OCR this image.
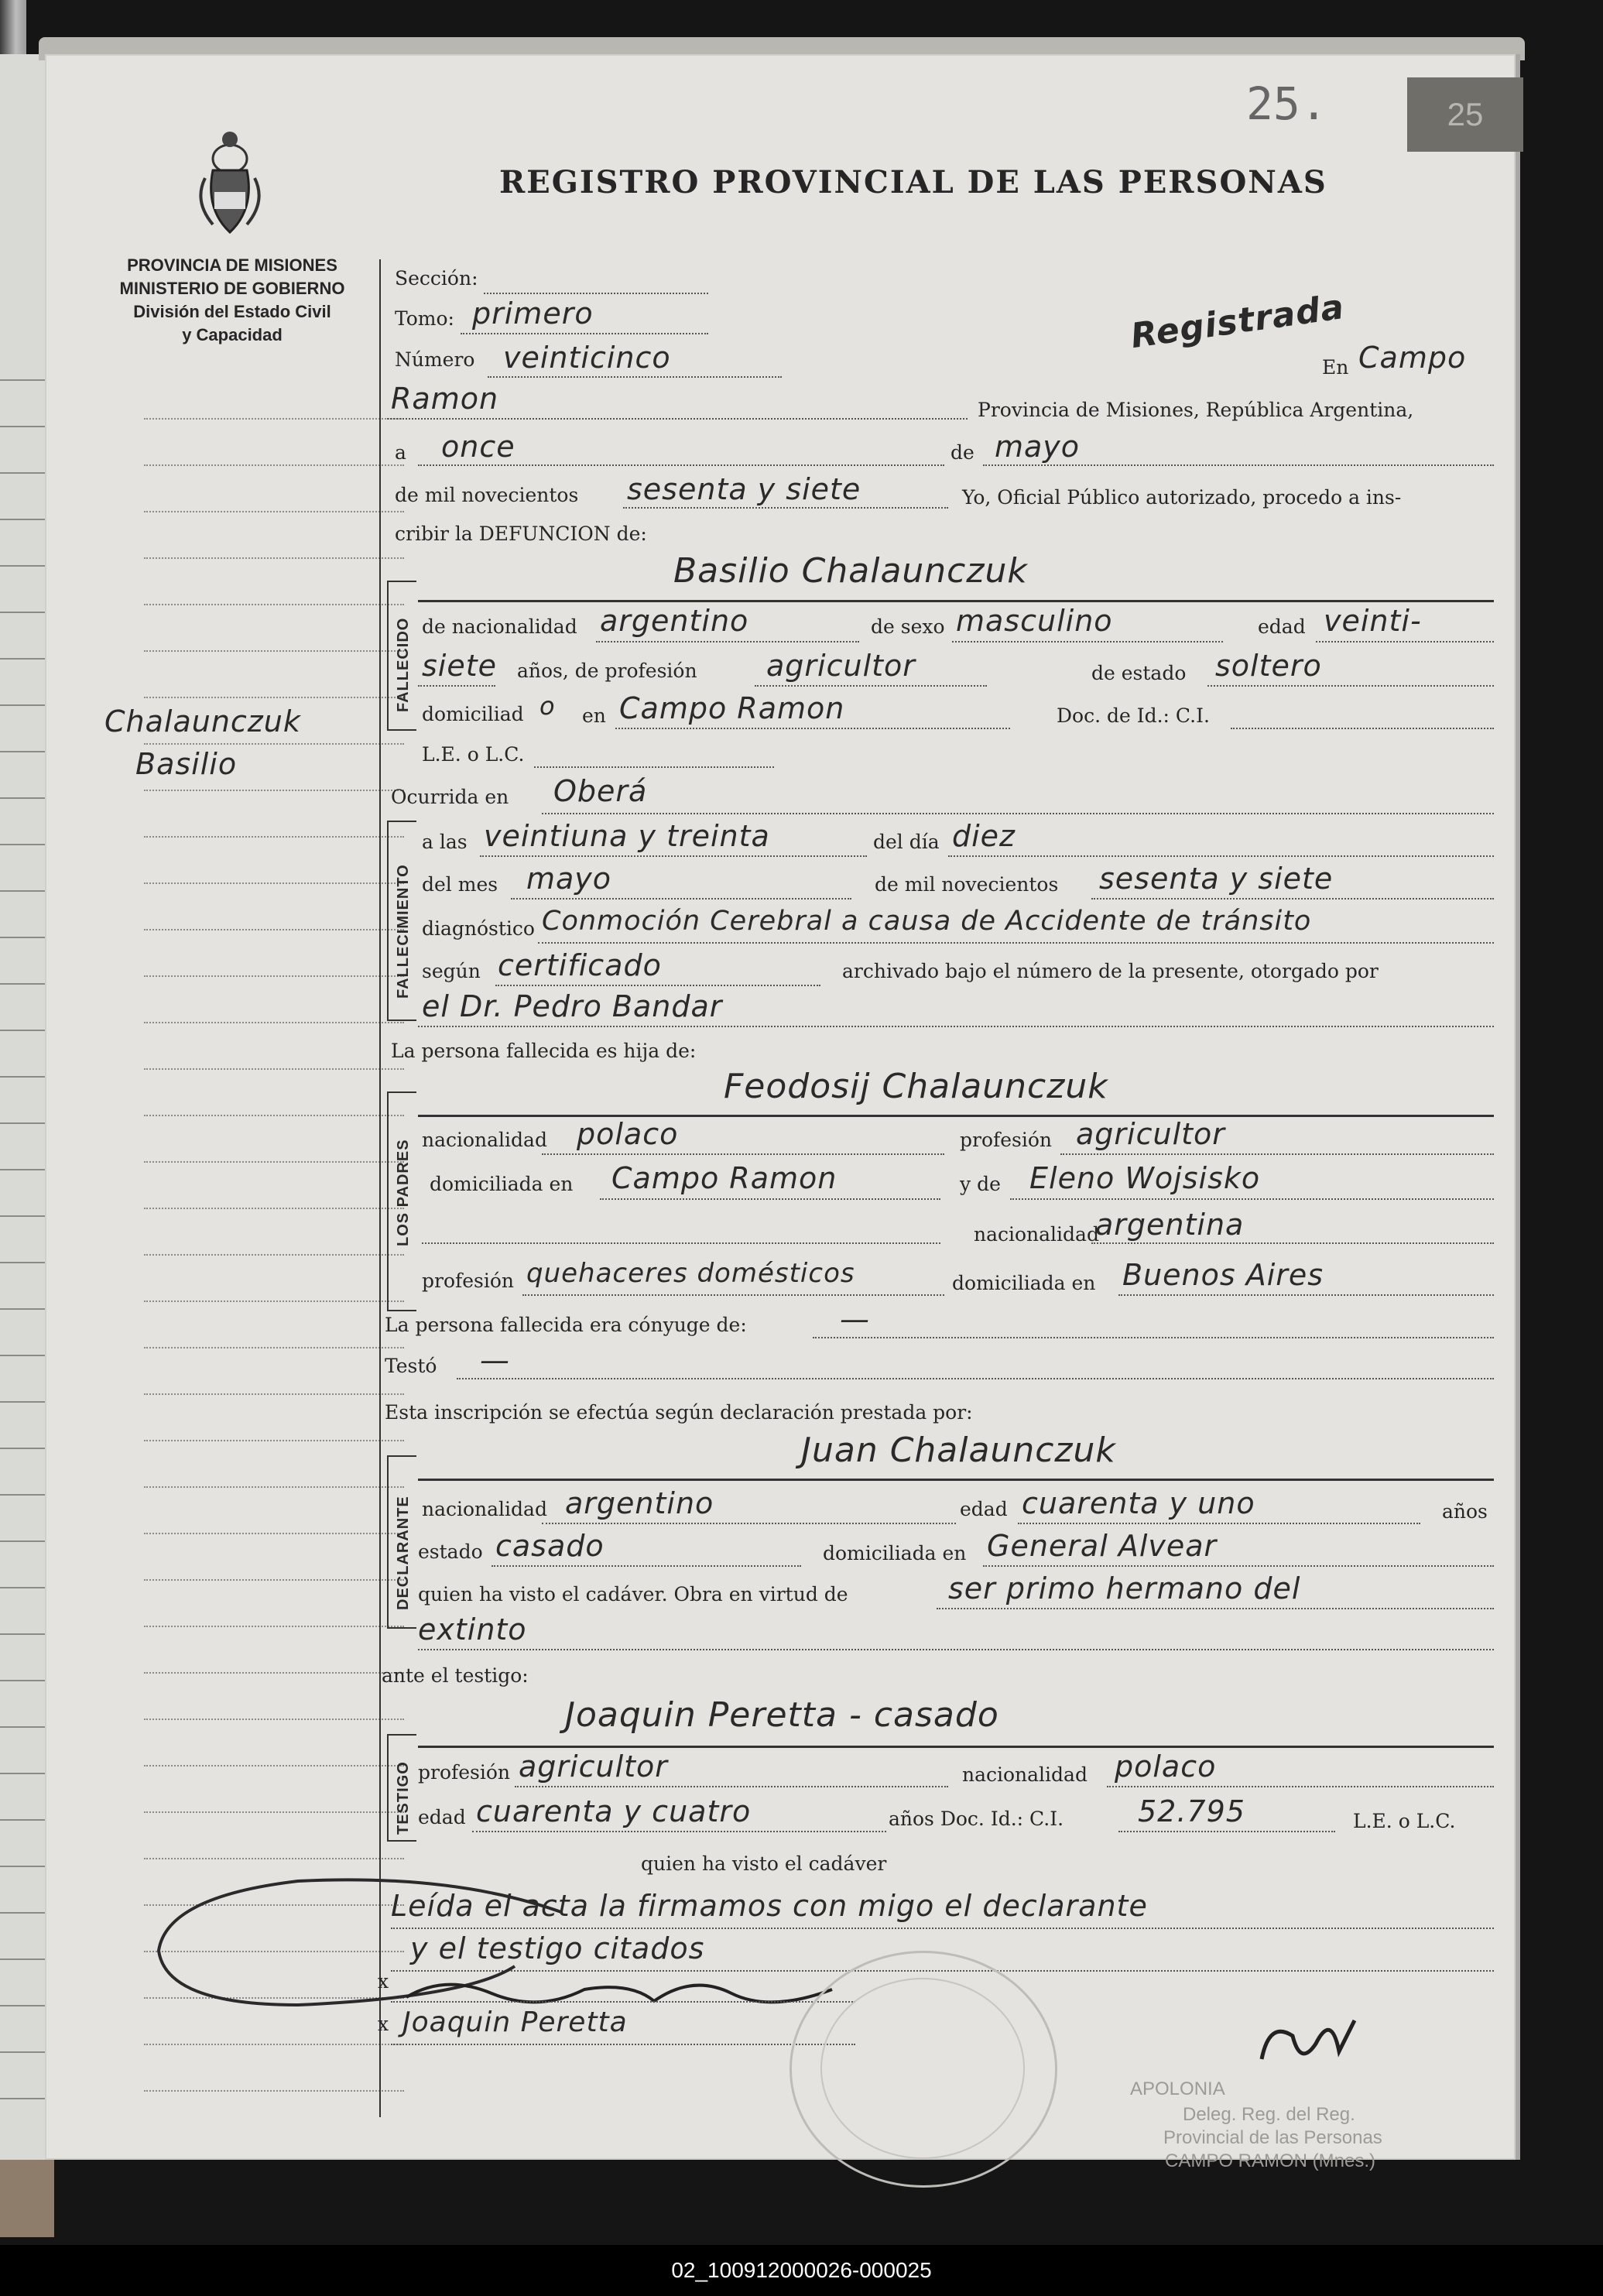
25
25.
REGISTRO PROVINCIAL DE LAS PERSONAS
PROVINCIA DE MISIONES
MINISTERIO DE GOBIERNO
División del Estado Civil
y Capacidad
Chalaunczuk
Basilio
Sección:
Tomo: primero
Número veinticinco
Registrada
En Campo
Ramon	Provincia de Misiones, República Argentina,
a once	de mayo
de mil novecientos sesenta y siete	Yo, Oficial Público autorizado, procedo a ins-
cribir la DEFUNCION de:
FALLECIDO
Basilio Chalaunczuk
de nacionalidad argentino	de sexo masculino	edad veinti-
siete años, de profesión agricultor	de estado soltero
domiciliad o en Campo Ramon	Doc. de Id.: C.I.
L.E. o L.C.
Ocurrida en Oberá
FALLECIMIENTO
a las veintiuna y treinta	del día diez
del mes mayo	de mil novecientos sesenta y siete
diagnóstico Conmoción Cerebral a causa de Accidente de tránsito
según certificado	archivado bajo el número de la presente, otorgado por
el Dr. Pedro Bandar
La persona fallecida es hija de:
LOS PADRES
Feodosij Chalaunczuk
nacionalidad polaco	profesión agricultor
domiciliada en Campo Ramon	y de Eleno Wojsisko
nacionalidad
argentina
profesión quehaceres domésticos	domiciliada en Buenos Aires
La persona fallecida era cónyuge de:	—
Testó —
Esta inscripción se efectúa según declaración prestada por:
DECLARANTE
Juan Chalaunczuk
nacionalidad argentino	edad cuarenta y uno	años
estado casado	domiciliada en General Alvear
quien ha visto el cadáver. Obra en virtud de	ser primo hermano del
extinto
ante el testigo:
TESTIGO
Joaquin Peretta - casado
profesión agricultor	nacionalidad polaco
edad cuarenta y cuatro	años Doc. Id.: C.I.	52.795	L.E. o L.C.
quien ha visto el cadáver
Leída el acta la firmamos con migo el declarante
y el testigo citados
x
x Joaquin Peretta
APOLONIA
Deleg. Reg. del Reg.
Provincial de las Personas
CAMPO RAMON (Mnes.)
02_100912000026-000025
